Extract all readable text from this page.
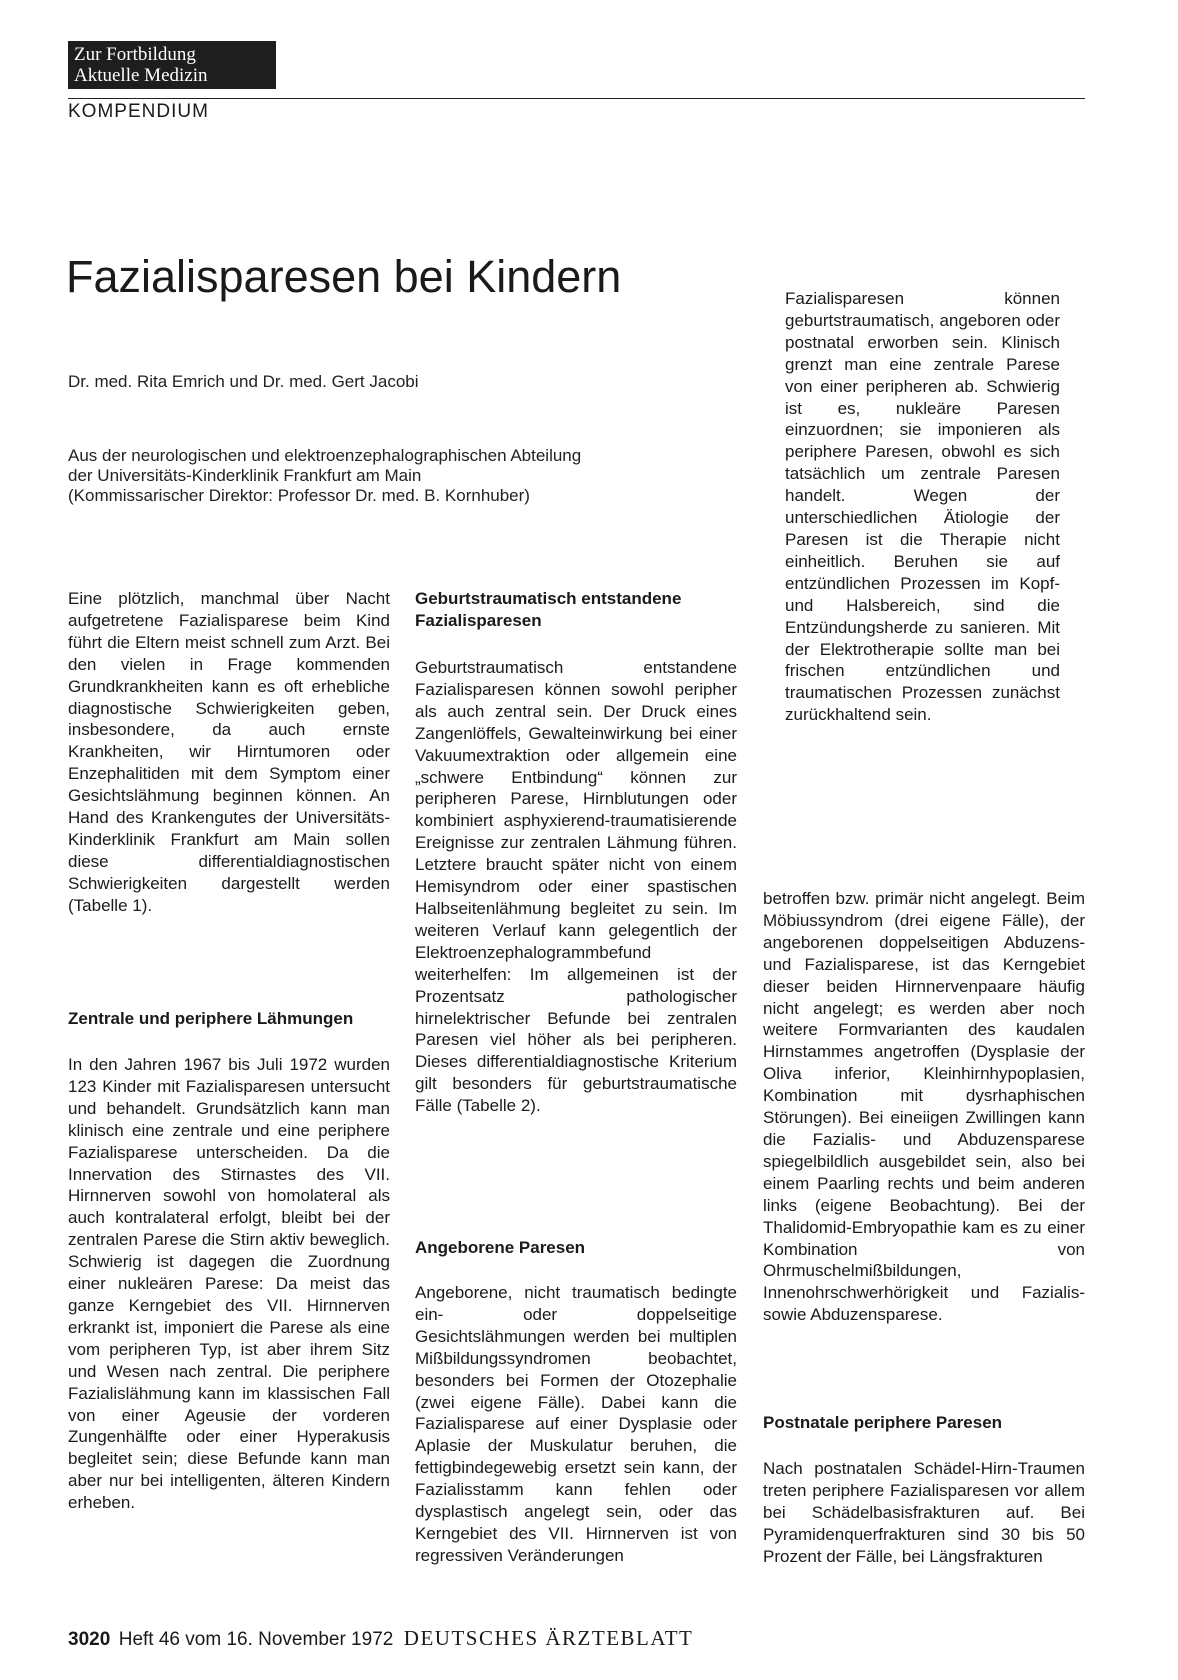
Zur Fortbildung
Aktuelle Medizin
KOMPENDIUM
Fazialisparesen bei Kindern
Dr. med. Rita Emrich und Dr. med. Gert Jacobi
Aus der neurologischen und elektroenzephalographischen Abteilung
der Universitäts-Kinderklinik Frankfurt am Main
(Kommissarischer Direktor: Professor Dr. med. B. Kornhuber)

Fazialisparesen können geburtstraumatisch, angeboren oder postnatal erworben sein. Klinisch grenzt man eine zentrale Parese von einer peripheren ab. Schwierig ist es, nukleäre Paresen einzuordnen; sie imponieren als periphere Paresen, obwohl es sich tatsächlich um zentrale Paresen handelt. Wegen der unterschiedlichen Ätiologie der Paresen ist die Therapie nicht einheitlich. Beruhen sie auf entzündlichen Prozessen im Kopf- und Halsbereich, sind die Entzündungsherde zu sanieren. Mit der Elektrotherapie sollte man bei frischen entzündlichen und traumatischen Prozessen zunächst zurückhaltend sein.

Eine plötzlich, manchmal über Nacht aufgetretene Fazialisparese beim Kind führt die Eltern meist schnell zum Arzt. Bei den vielen in Frage kommenden Grundkrankheiten kann es oft erhebliche diagnostische Schwierigkeiten geben, insbesondere, da auch ernste Krankheiten, wir Hirntumoren oder Enzephalitiden mit dem Symptom einer Gesichtslähmung beginnen können. An Hand des Krankengutes der Universitäts-Kinderklinik Frankfurt am Main sollen diese differentialdiagnostischen Schwierigkeiten dargestellt werden (Tabelle 1).

Zentrale und periphere Lähmungen

In den Jahren 1967 bis Juli 1972 wurden 123 Kinder mit Fazialisparesen untersucht und behandelt. Grundsätzlich kann man klinisch eine zentrale und eine periphere Fazialisparese unterscheiden. Da die Innervation des Stirnastes des VII. Hirnnerven sowohl von homolateral als auch kontralateral erfolgt, bleibt bei der zentralen Parese die Stirn aktiv beweglich. Schwierig ist dagegen die Zuordnung einer nukleären Parese: Da meist das ganze Kerngebiet des VII. Hirnnerven erkrankt ist, imponiert die Parese als eine vom peripheren Typ, ist aber ihrem Sitz und Wesen nach zentral. Die periphere Fazialislähmung kann im klassischen Fall von einer Ageusie der vorderen Zungenhälfte oder einer Hyperakusis begleitet sein; diese Befunde kann man aber nur bei intelligenten, älteren Kindern erheben.

Geburtstraumatisch entstandene Fazialisparesen

Geburtstraumatisch entstandene Fazialisparesen können sowohl peripher als auch zentral sein. Der Druck eines Zangenlöffels, Gewalteinwirkung bei einer Vakuumextraktion oder allgemein eine „schwere Entbindung“ können zur peripheren Parese, Hirnblutungen oder kombiniert asphyxierend-traumatisierende Ereignisse zur zentralen Lähmung führen. Letztere braucht später nicht von einem Hemisyndrom oder einer spastischen Halbseitenlähmung begleitet zu sein. Im weiteren Verlauf kann gelegentlich der Elektroenzephalogrammbefund weiterhelfen: Im allgemeinen ist der Prozentsatz pathologischer hirnelektrischer Befunde bei zentralen Paresen viel höher als bei peripheren. Dieses differentialdiagnostische Kriterium gilt besonders für geburtstraumatische Fälle (Tabelle 2).

Angeborene Paresen

Angeborene, nicht traumatisch bedingte ein- oder doppelseitige Gesichtslähmungen werden bei multiplen Mißbildungssyndromen beobachtet, besonders bei Formen der Otozephalie (zwei eigene Fälle). Dabei kann die Fazialisparese auf einer Dysplasie oder Aplasie der Muskulatur beruhen, die fettigbindegewebig ersetzt sein kann, der Fazialisstamm kann fehlen oder dysplastisch angelegt sein, oder das Kerngebiet des VII. Hirnnerven ist von regressiven Veränderungen

betroffen bzw. primär nicht angelegt. Beim Möbiussyndrom (drei eigene Fälle), der angeborenen doppelseitigen Abduzens- und Fazialisparese, ist das Kerngebiet dieser beiden Hirnnervenpaare häufig nicht angelegt; es werden aber noch weitere Formvarianten des kaudalen Hirnstammes angetroffen (Dysplasie der Oliva inferior, Kleinhirnhypoplasien, Kombination mit dysrhaphischen Störungen). Bei eineiigen Zwillingen kann die Fazialis- und Abduzensparese spiegelbildlich ausgebildet sein, also bei einem Paarling rechts und beim anderen links (eigene Beobachtung). Bei der Thalidomid-Embryopathie kam es zu einer Kombination von Ohrmuschelmißbildungen, Innenohrschwerhörigkeit und Fazialis- sowie Abduzensparese.

Postnatale periphere Paresen

Nach postnatalen Schädel-Hirn-Traumen treten periphere Fazialisparesen vor allem bei Schädelbasisfrakturen auf. Bei Pyramidenquerfrakturen sind 30 bis 50 Prozent der Fälle, bei Längsfrakturen

3020 Heft 46 vom 16. November 1972 DEUTSCHES ÄRZTEBLATT
